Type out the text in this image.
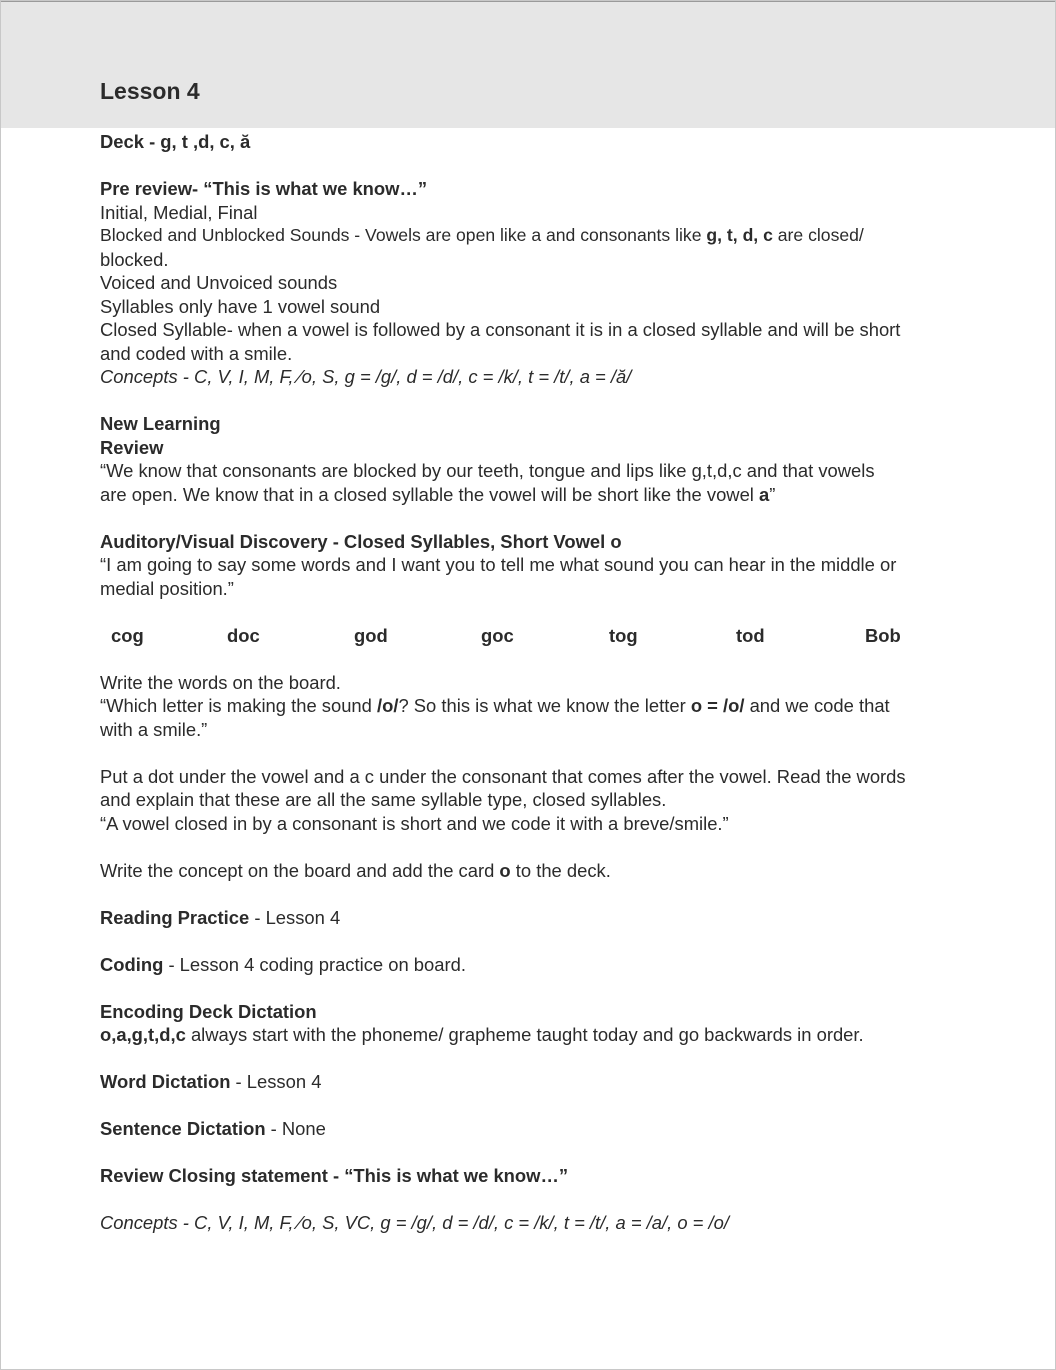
Lesson 4
Deck - g, t ,d, c, ă
Pre review- “This is what we know…”
Initial, Medial, Final
Blocked and Unblocked Sounds - Vowels are open like a and consonants like g, t, d, c are closed/
blocked.
Voiced and Unvoiced sounds
Syllables only have 1 vowel sound
Closed Syllable- when a vowel is followed by a consonant it is in a closed syllable and will be short
and coded with a smile.
Concepts - C, V, I, M, F, ⁄o, S, g = /g/, d = /d/, c = /k/, t = /t/, a = /ă/
New Learning
Review
“We know that consonants are blocked by our teeth, tongue and lips like g,t,d,c and that vowels
are open. We know that in a closed syllable the vowel will be short like the vowel a”
Auditory/Visual Discovery - Closed Syllables, Short Vowel o
“I am going to say some words and I want you to tell me what sound you can hear in the middle or
medial position.”
cog	doc	god	goc	tog	tod	Bob
Write the words on the board.
“Which letter is making the sound /o/? So this is what we know the letter o = /o/ and we code that
with a smile.”
Put a dot under the vowel and a c under the consonant that comes after the vowel. Read the words
and explain that these are all the same syllable type, closed syllables.
“A vowel closed in by a consonant is short and we code it with a breve/smile.”
Write the concept on the board and add the card o to the deck.
Reading Practice - Lesson 4
Coding - Lesson 4 coding practice on board.
Encoding Deck Dictation
o,a,g,t,d,c always start with the phoneme/ grapheme taught today and go backwards in order.
Word Dictation - Lesson 4
Sentence Dictation - None
Review Closing statement - “This is what we know…”
Concepts - C, V, I, M, F, ⁄o, S, VC, g = /g/, d = /d/, c = /k/, t = /t/, a = /a/, o = /o/
